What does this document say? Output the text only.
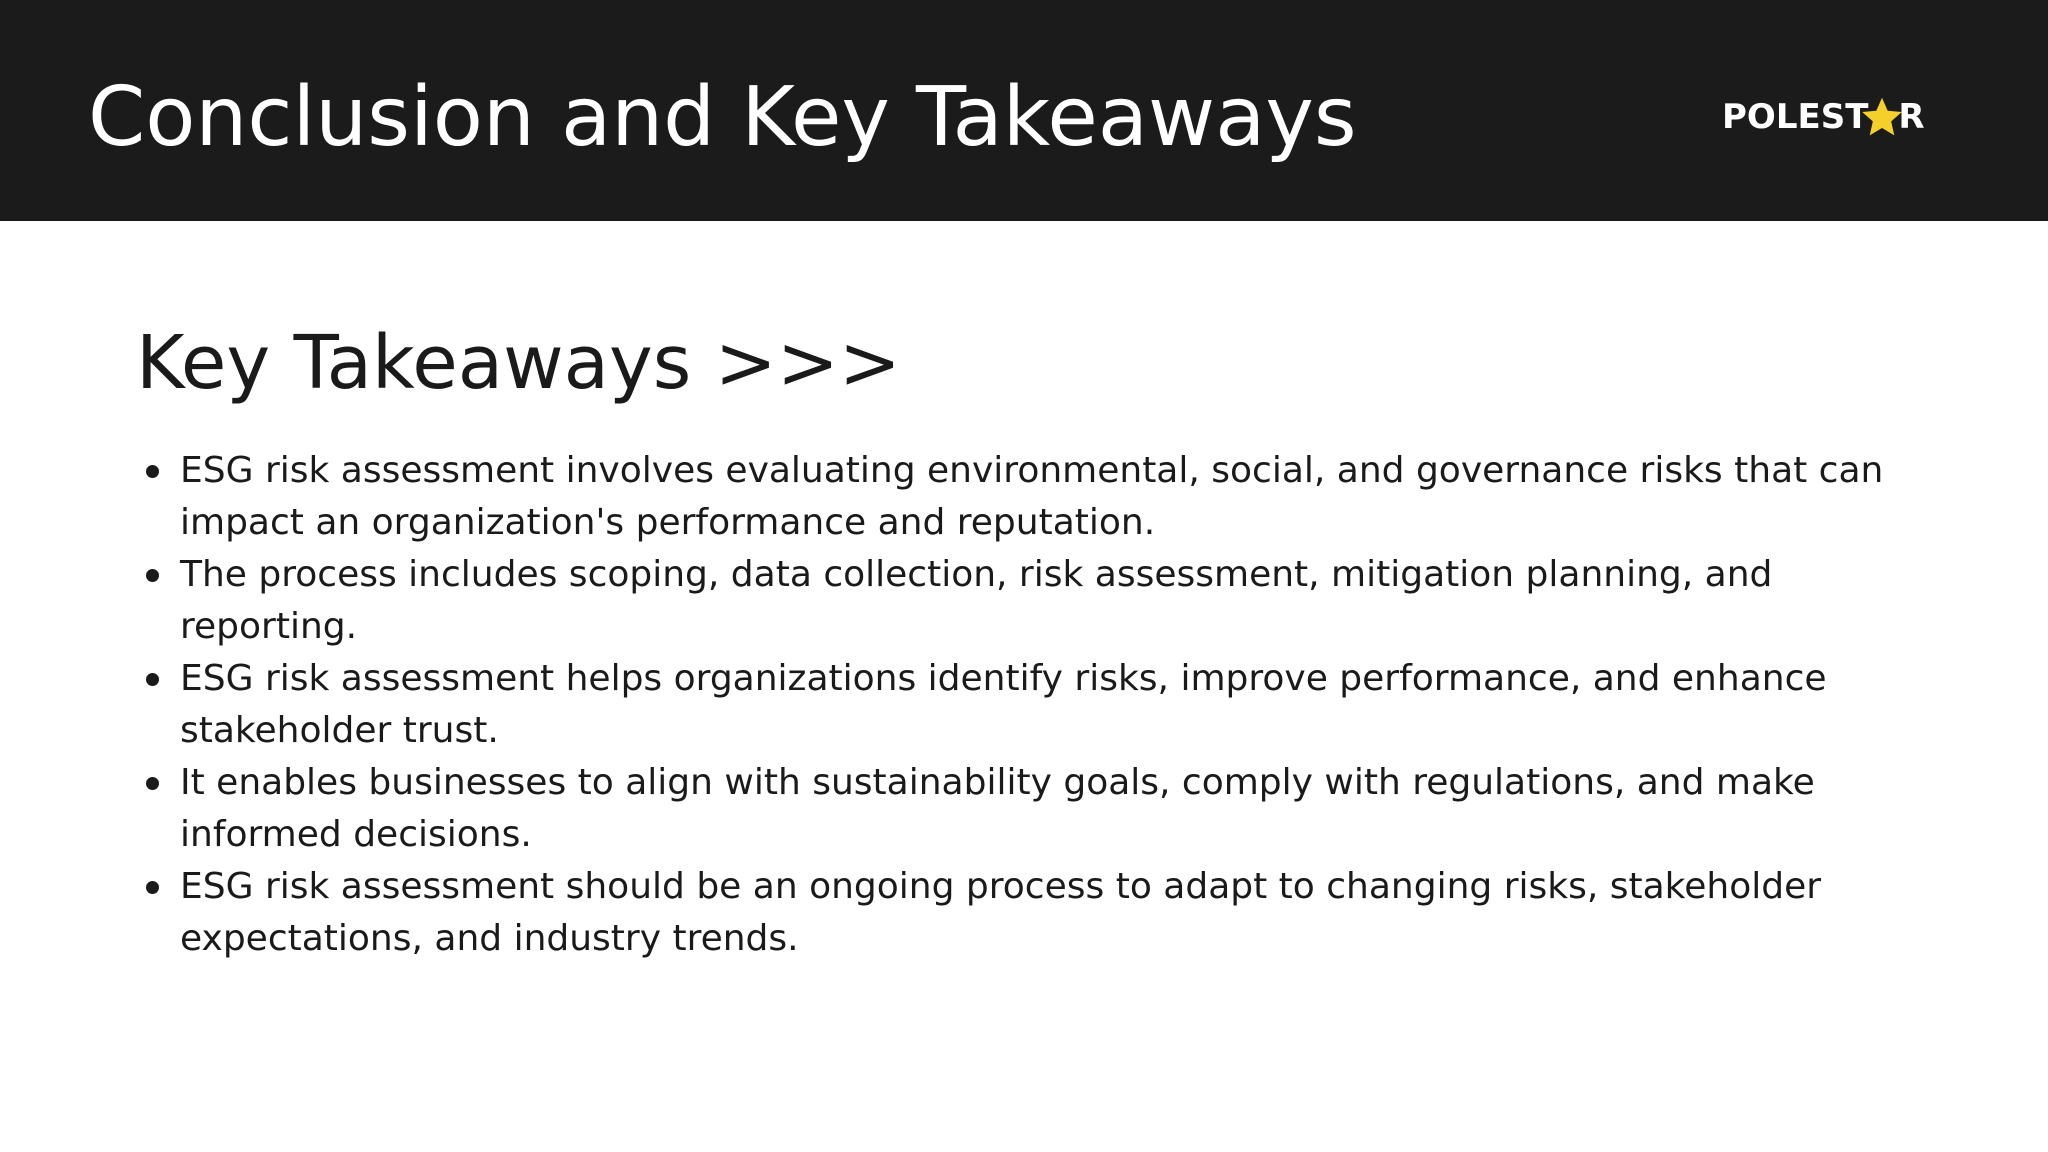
Conclusion and Key Takeaways	POLEST R
Key Takeaways >>>
ESG risk assessment involves evaluating environmental, social, and governance risks that can impact an organization's performance and reputation.
The process includes scoping, data collection, risk assessment, mitigation planning, and reporting.
ESG risk assessment helps organizations identify risks, improve performance, and enhance stakeholder trust.
It enables businesses to align with sustainability goals, comply with regulations, and make informed decisions.
ESG risk assessment should be an ongoing process to adapt to changing risks, stakeholder expectations, and industry trends.
